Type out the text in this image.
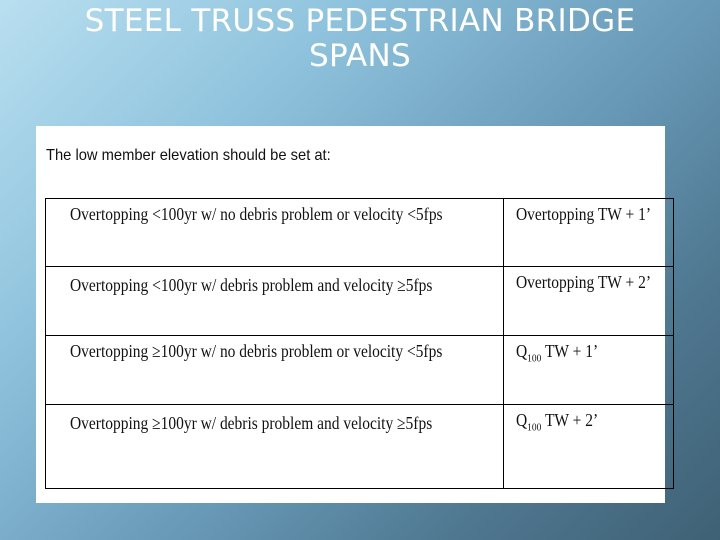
STEEL TRUSS PEDESTRIAN BRIDGE
SPANS
The low member elevation should be set at:
Overtopping <100yr w/ no debris problem or velocity <5fps	Overtopping TW + 1’

Overtopping <100yr w/ debris problem and velocity ≥5fps	Overtopping TW + 2’

Overtopping ≥100yr w/ no debris problem or velocity <5fps	$Q_{100}$ TW + 1’

Overtopping ≥100yr w/ debris problem and velocity ≥5fps	$Q_{100}$ TW + 2’
